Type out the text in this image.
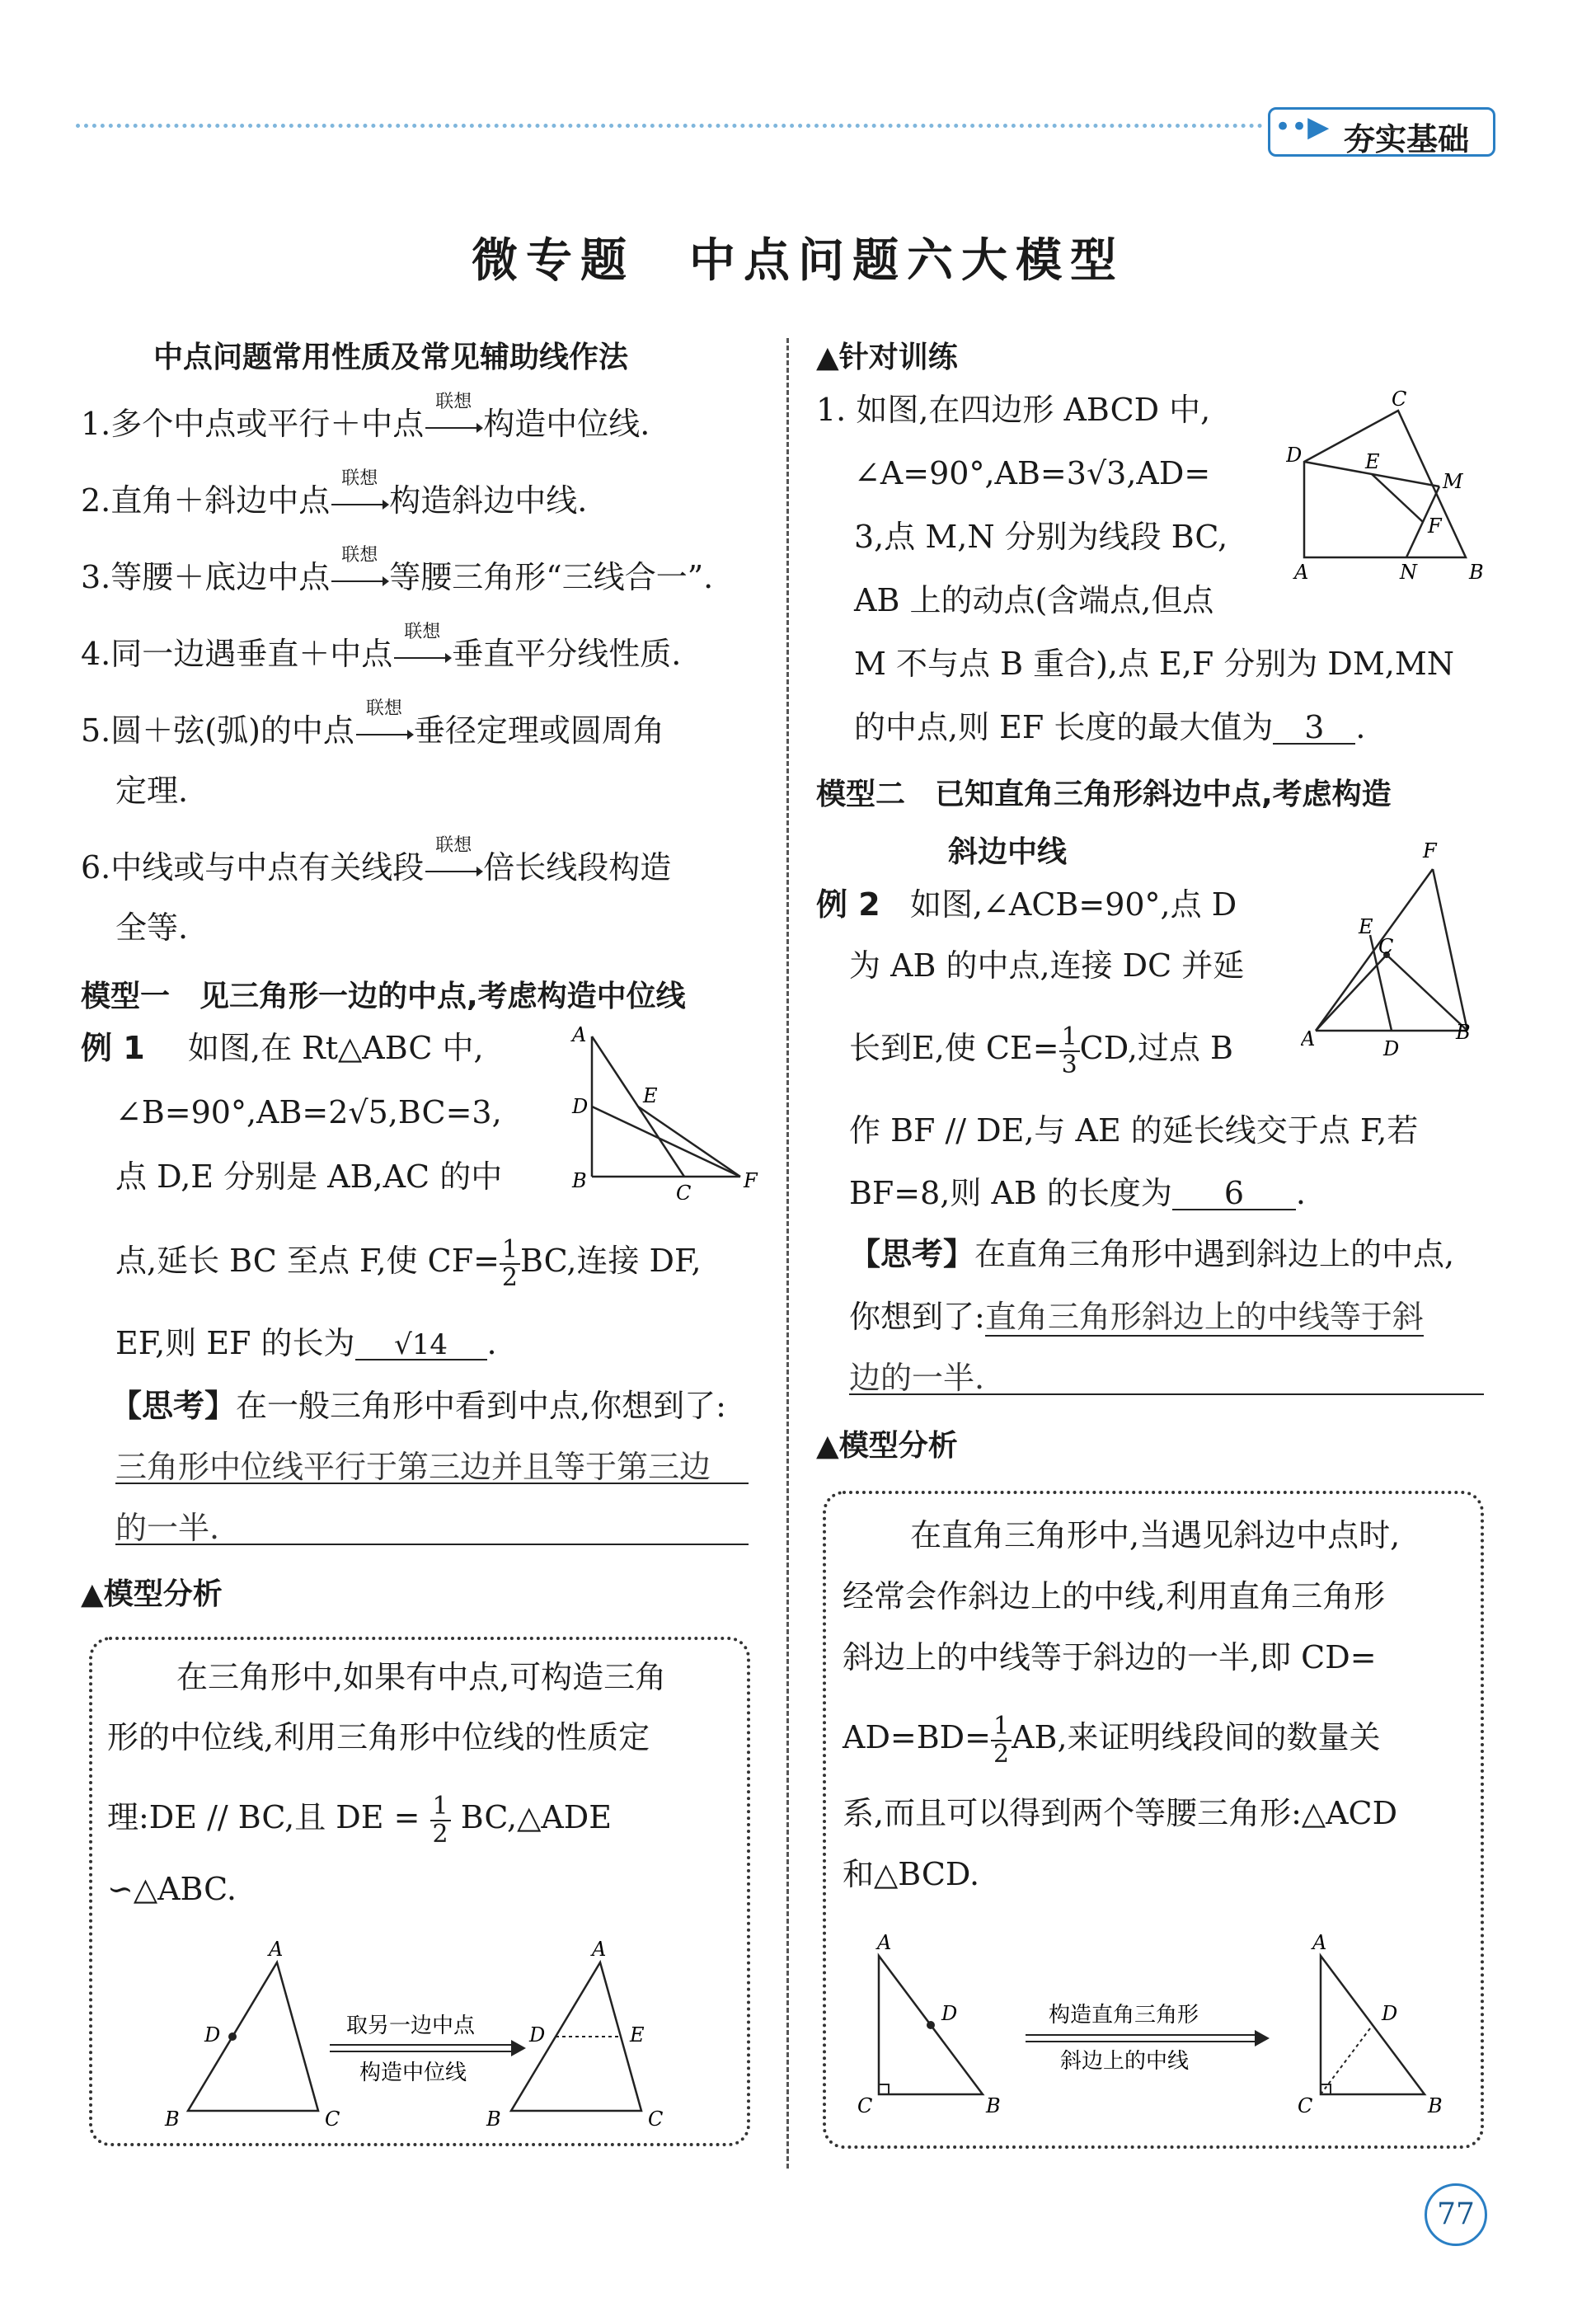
••▶ 夯实基础
微专题　中点问题六大模型
中点问题常用性质及常见辅助线作法
1.多个中点或平行＋中点
联想
构造中位线.
2.直角＋斜边中点
联想
构造斜边中线.
3.等腰＋底边中点
联想
等腰三角形“三线合一”.
4.同一边遇垂直＋中点
联想
垂直平分线性质.
5.圆＋弦(弧)的中点
联想
垂径定理或圆周角
定理.
6.中线或与中点有关线段
联想
倍长线段构造
全等.
模型一　见三角形一边的中点,考虑构造中位线
例 1 如图,在 Rt△ABC 中,
∠B=90°,AB=2√5,BC=3,
点 D,E 分别是 AB,AC 的中
点,延长 BC 至点 F,使 $CF= \frac{1}{2}$ BC,连接 DF,
EF,则 EF 的长为 √14 .
A
D
B
E
C
F
【思考】在一般三角形中看到中点,你想到了:
三角形中位线平行于第三边并且等于第三边
的一半.
▲模型分析
在三角形中,如果有中点,可构造三角
形的中位线,利用三角形中位线的性质定
理:DE // BC,且 DE = $\frac{1}{2}$ BC,△ADE
∽△ABC.
A
D
B	C
取另一边中点
构造中位线
A
D	E
B	C
▲针对训练
1. 如图,在四边形 ABCD 中,
∠A=90°,AB=3√3,AD=
3,点 M,N 分别为线段 BC,
AB 上的动点(含端点,但点
M 不与点 B 重合),点 E,F 分别为 DM,MN
的中点,则 EF 长度的最大值为 3 .
C
D	E
M
F
A	N	B
模型二　已知直角三角形斜边中点,考虑构造
斜边中线
例 2 如图,∠ACB=90°,点 D
为 AB 的中点,连接 DC 并延
长到E,使 $CE= \frac{1}{3}$ CD,过点 B
作 BF // DE,与 AE 的延长线交于点 F,若
BF=8,则 AB 的长度为 6 .
F
E
C
A	D
B
【思考】在直角三角形中遇到斜边上的中点,
你想到了:直角三角形斜边上的中线等于斜
边的一半.
▲模型分析
在直角三角形中,当遇见斜边中点时,
经常会作斜边上的中线,利用直角三角形
斜边上的中线等于斜边的一半,即 CD=
$AD=BD= \frac{1}{2}$ AB,来证明线段间的数量关
系,而且可以得到两个等腰三角形:△ACD
和△BCD.
A
D
C	B
构造直角三角形
斜边上的中线
A
D
C	B
77
